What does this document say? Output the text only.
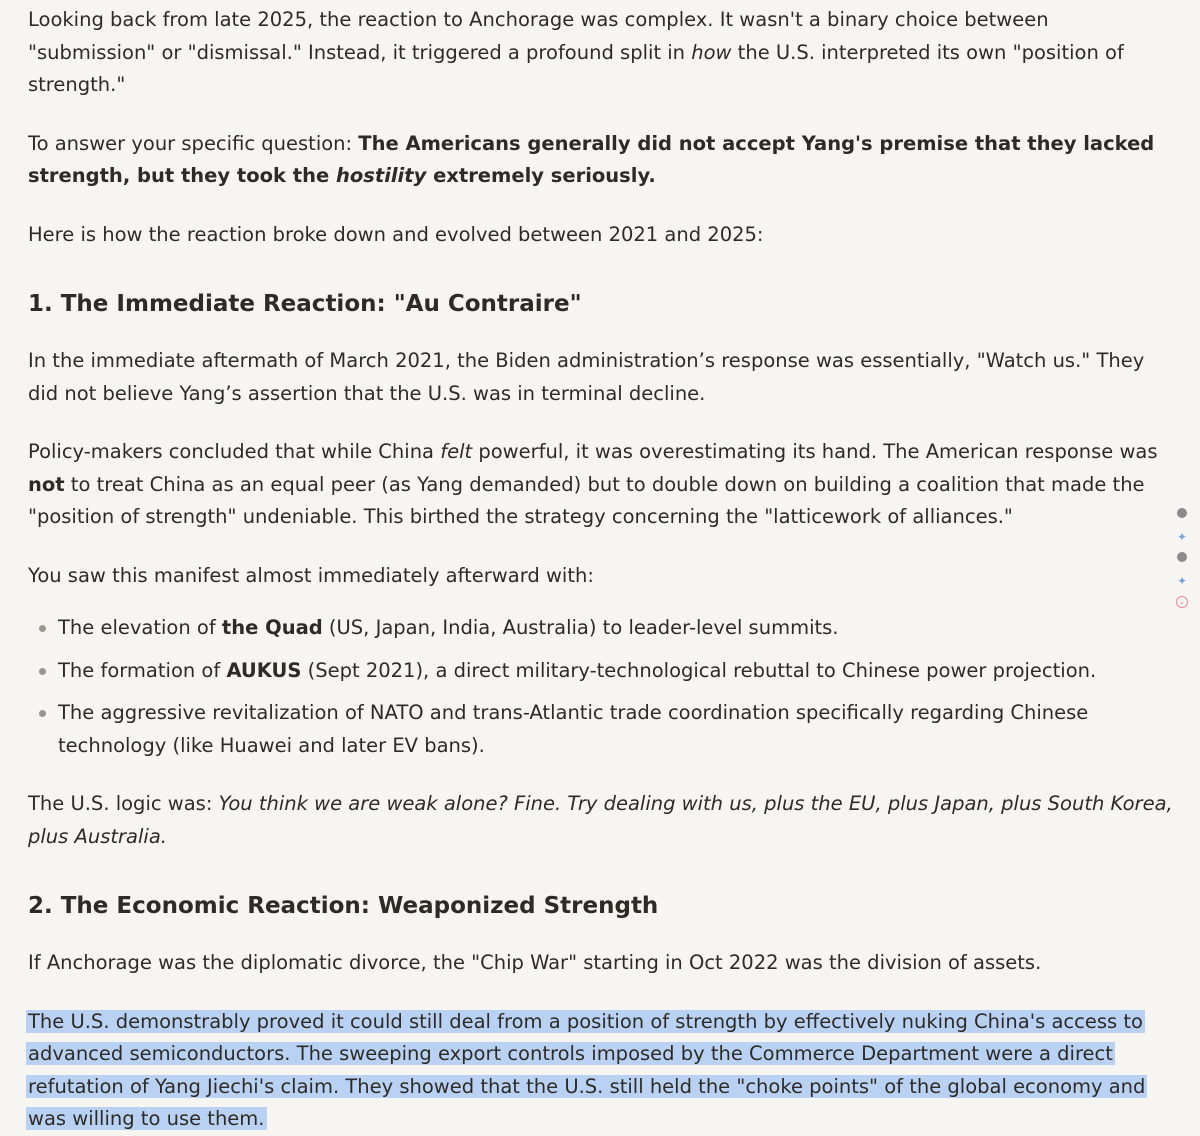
Looking back from late 2025, the reaction to Anchorage was complex. It wasn't a binary choice between "submission" or "dismissal." Instead, it triggered a profound split in how the U.S. interpreted its own "position of strength."

To answer your specific question: The Americans generally did not accept Yang's premise that they lacked strength, but they took the hostility extremely seriously.

Here is how the reaction broke down and evolved between 2021 and 2025:

1. The Immediate Reaction: "Au Contraire"

In the immediate aftermath of March 2021, the Biden administration’s response was essentially, "Watch us." They did not believe Yang’s assertion that the U.S. was in terminal decline.

Policy-makers concluded that while China felt powerful, it was overestimating its hand. The American response was not to treat China as an equal peer (as Yang demanded) but to double down on building a coalition that made the "position of strength" undeniable. This birthed the strategy concerning the "latticework of alliances."

You saw this manifest almost immediately afterward with:

The elevation of the Quad (US, Japan, India, Australia) to leader-level summits.
The formation of AUKUS (Sept 2021), a direct military-technological rebuttal to Chinese power projection.
The aggressive revitalization of NATO and trans-Atlantic trade coordination specifically regarding Chinese technology (like Huawei and later EV bans).

The U.S. logic was: You think we are weak alone? Fine. Try dealing with us, plus the EU, plus Japan, plus South Korea, plus Australia.

2. The Economic Reaction: Weaponized Strength

If Anchorage was the diplomatic divorce, the "Chip War" starting in Oct 2022 was the division of assets.

The U.S. demonstrably proved it could still deal from a position of strength by effectively nuking China's access to advanced semiconductors. The sweeping export controls imposed by the Commerce Department were a direct refutation of Yang Jiechi's claim. They showed that the U.S. still held the "choke points" of the global economy and was willing to use them.

✦
✦
⌄
